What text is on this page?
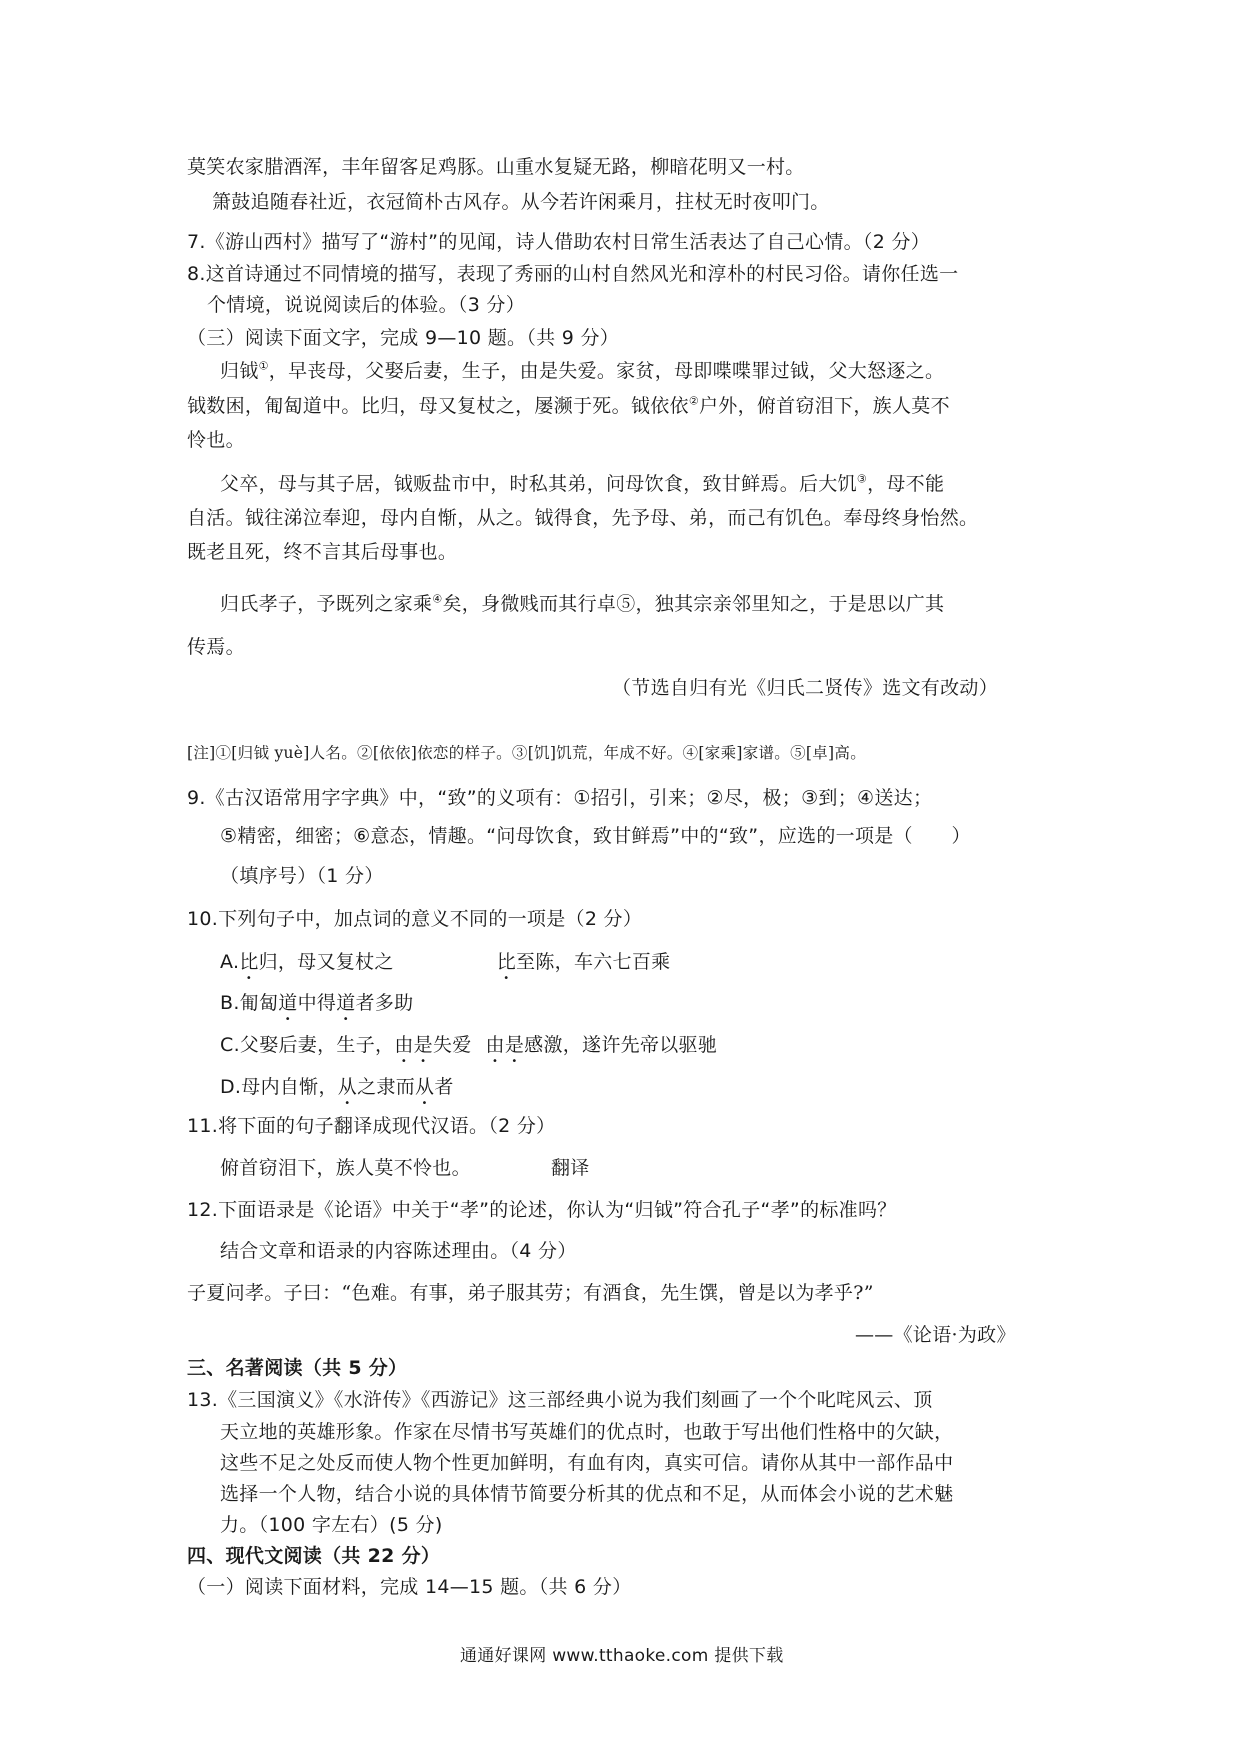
莫笑农家腊酒浑，丰年留客足鸡豚。山重水复疑无路，柳暗花明又一村。
箫鼓追随春社近，衣冠简朴古风存。从今若许闲乘月，拄杖无时夜叩门。
7.《游山西村》描写了“游村”的见闻，诗人借助农村日常生活表达了自己心情。（2 分）
8.这首诗通过不同情境的描写，表现了秀丽的山村自然风光和淳朴的村民习俗。请你任选一
个情境，说说阅读后的体验。（3 分）
（三）阅读下面文字，完成 9—10 题。（共 9 分）
归钺①，早丧母，父娶后妻，生子，由是失爱。家贫，母即喋喋罪过钺，父大怒逐之。
钺数困，匍匐道中。比归，母又复杖之，屡濒于死。钺依依②户外，俯首窃泪下，族人莫不
怜也。
父卒，母与其子居，钺贩盐市中，时私其弟，问母饮食，致甘鲜焉。后大饥③，母不能
自活。钺往涕泣奉迎，母内自惭，从之。钺得食，先予母、弟，而己有饥色。奉母终身怡然。
既老且死，终不言其后母事也。
归氏孝子，予既列之家乘④矣，身微贱而其行卓⑤，独其宗亲邻里知之，于是思以广其
传焉。
（节选自归有光《归氏二贤传》选文有改动）
[注]①[归钺 yuè]人名。②[依依]依恋的样子。③[饥]饥荒，年成不好。④[家乘]家谱。⑤[卓]高。
9.《古汉语常用字字典》中，“致”的义项有：①招引，引来；②尽，极；③到；④送达；
⑤精密，细密；⑥意态，情趣。“问母饮食，致甘鲜焉”中的“致”，应选的一项是（　　）
（填序号）（1 分）
10.下列句子中，加点词的意义不同的一项是（2 分）
A.比归，母又复杖之	比至陈，车六七百乘
B.匍匐道中得道者多助
C.父娶后妻，生子，由是失爱 由是感激，遂许先帝以驱驰
D.母内自惭，从之隶而从者
11.将下面的句子翻译成现代汉语。（2 分）
俯首窃泪下，族人莫不怜也。	翻译
12.下面语录是《论语》中关于“孝”的论述，你认为“归钺”符合孔子“孝”的标准吗？
结合文章和语录的内容陈述理由。（4 分）
子夏问孝。子曰：“色难。有事，弟子服其劳；有酒食，先生馔，曾是以为孝乎?”
——《论语·为政》
三、名著阅读（共 5 分）
13.《三国演义》《水浒传》《西游记》这三部经典小说为我们刻画了一个个叱咤风云、顶
天立地的英雄形象。作家在尽情书写英雄们的优点时，也敢于写出他们性格中的欠缺，
这些不足之处反而使人物个性更加鲜明，有血有肉，真实可信。请你从其中一部作品中
选择一个人物，结合小说的具体情节简要分析其的优点和不足，从而体会小说的艺术魅
力。（100 字左右）(5 分)
四、现代文阅读（共 22 分）
（一）阅读下面材料，完成 14—15 题。（共 6 分）
通通好课网 www.tthaoke.com 提供下载
